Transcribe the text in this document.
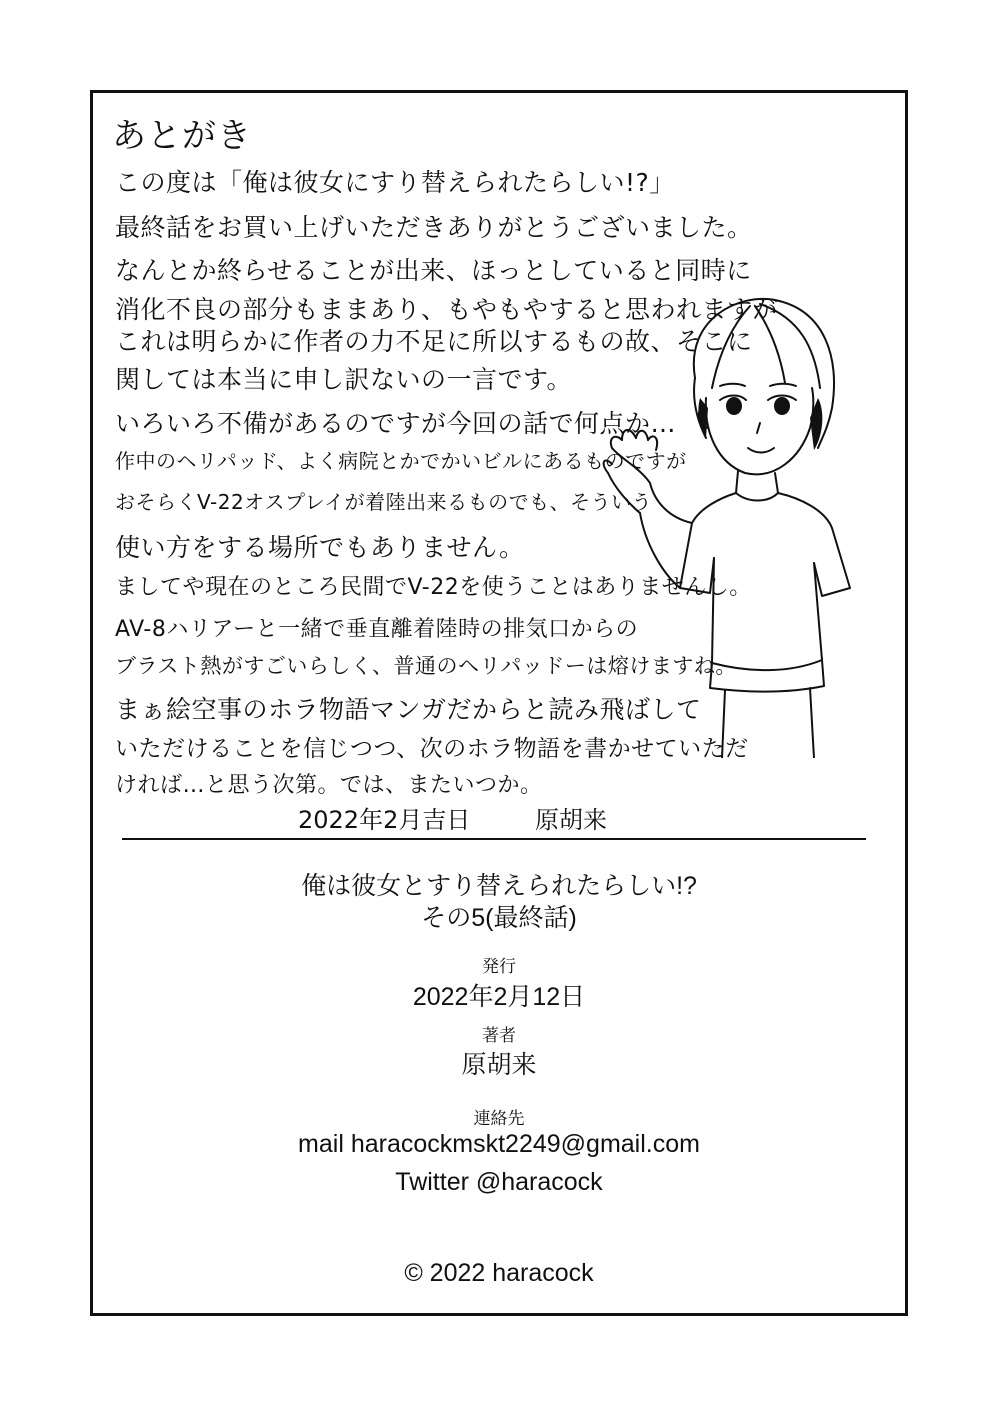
あとがき
この度は「俺は彼女にすり替えられたらしい!?」
最終話をお買い上げいただきありがとうございました。
なんとか終らせることが出来、ほっとしていると同時に
消化不良の部分もままあり、もやもやすると思われますが
これは明らかに作者の力不足に所以するもの故、そこに
関しては本当に申し訳ないの一言です。
いろいろ不備があるのですが今回の話で何点か…
作中のヘリパッド、よく病院とかでかいビルにあるものですが
おそらくV-22オスプレイが着陸出来るものでも、そういう
使い方をする場所でもありません。
ましてや現在のところ民間でV-22を使うことはありませんし。
AV-8ハリアーと一緒で垂直離着陸時の排気口からの
ブラスト熱がすごいらしく、普通のヘリパッドーは熔けますね。
まぁ絵空事のホラ物語マンガだからと読み飛ばして
いただけることを信じつつ、次のホラ物語を書かせていただ
ければ…と思う次第。では、またいつか。
2022年2月吉日	原胡来
俺は彼女とすり替えられたらしい!?
その5(最終話)
発行
2022年2月12日
著者
原胡来
連絡先
mail haracockmskt2249@gmail.com
Twitter @haracock
© 2022 haracock
